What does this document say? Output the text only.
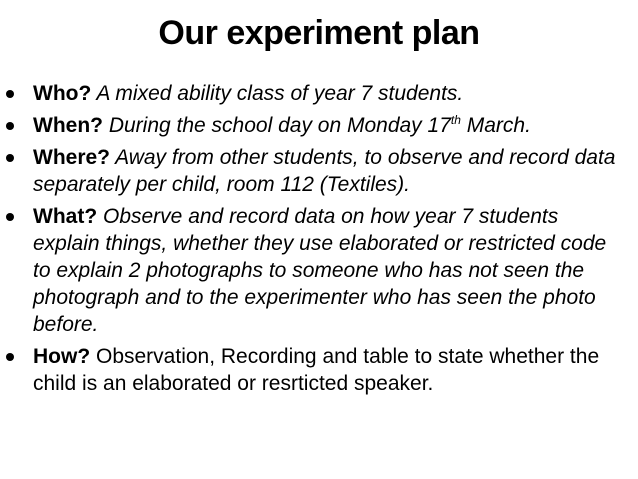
Our experiment plan
Who? A mixed ability class of year 7 students.
When? During the school day on Monday 17th March.
Where? Away from other students, to observe and record data separately per child, room 112 (Textiles).
What? Observe and record data on how year 7 students explain things, whether they use elaborated or restricted code to explain 2 photographs to someone who has not seen the photograph and to the experimenter who has seen the photo before.
How? Observation, Recording and table to state whether the child is an elaborated or resrticted speaker.
